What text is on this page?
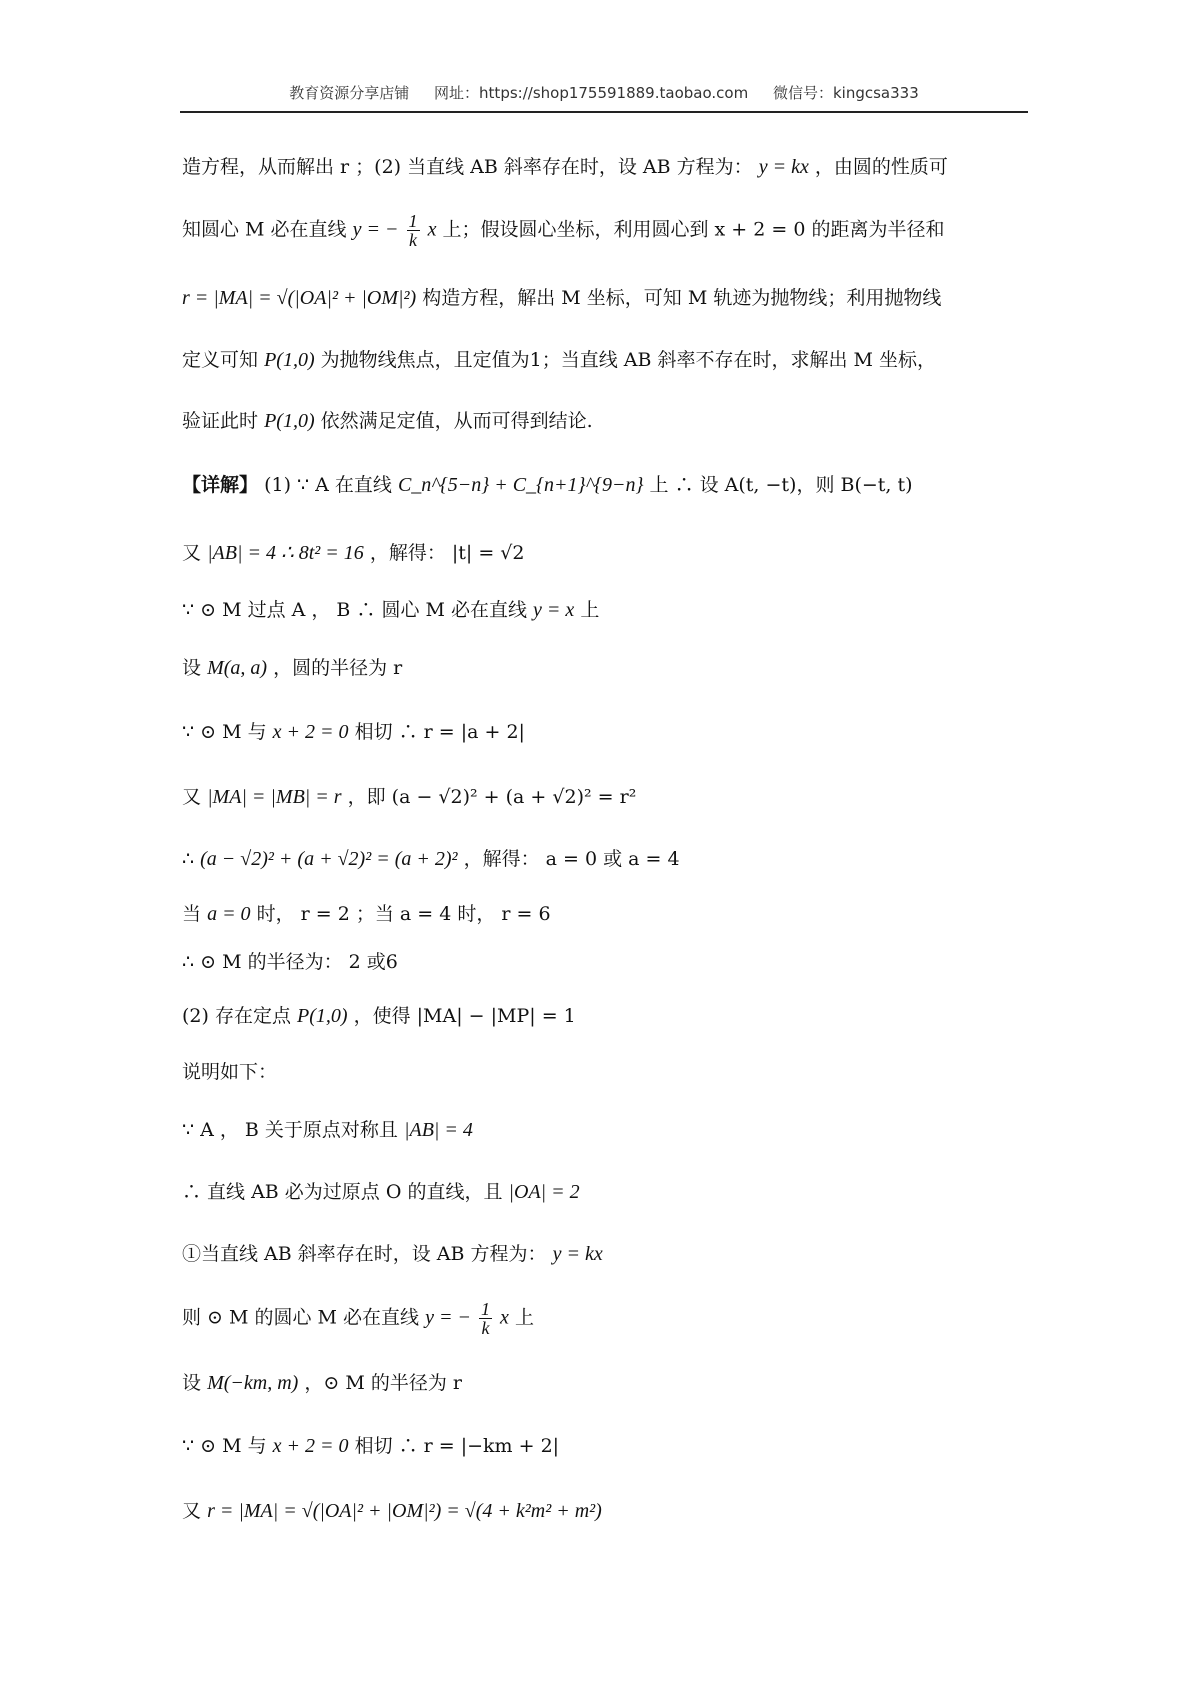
教育资源分享店铺 网址：https://shop175591889.taobao.com 微信号：kingcsa333
造方程，从而解出 r ；(2) 当直线 AB 斜率存在时，设 AB 方程为： y = kx ，由圆的性质可
知圆心 M 必在直线 y = − $\frac{1}{k}$ x 上；假设圆心坐标，利用圆心到 x + 2 = 0 的距离为半径和
r = |MA| = √(|OA|² + |OM|²) 构造方程，解出 M 坐标，可知 M 轨迹为抛物线；利用抛物线
定义可知 P(1,0) 为抛物线焦点，且定值为1；当直线 AB 斜率不存在时，求解出 M 坐标，
验证此时 P(1,0) 依然满足定值，从而可得到结论.
【详解】 (1) ∵ A 在直线 C_n^{5−n} + C_{n+1}^{9−n} 上 ∴ 设 A(t, −t)，则 B(−t, t)
又 |AB| = 4 ∴ 8t² = 16 ，解得： |t| = √2
∵ ⊙ M 过点 A ， B ∴ 圆心 M 必在直线 y = x 上
设 M(a, a) ，圆的半径为 r
∵ ⊙ M 与 x + 2 = 0 相切 ∴ r = |a + 2|
又 |MA| = |MB| = r ，即 (a − √2)² + (a + √2)² = r²
∴ (a − √2)² + (a + √2)² = (a + 2)² ，解得： a = 0 或 a = 4
当 a = 0 时， r = 2 ；当 a = 4 时， r = 6
∴ ⊙ M 的半径为： 2 或6
(2) 存在定点 P(1,0) ，使得 |MA| − |MP| = 1
说明如下：
∵ A ， B 关于原点对称且 |AB| = 4
∴ 直线 AB 必为过原点 O 的直线，且 |OA| = 2
①当直线 AB 斜率存在时，设 AB 方程为： y = kx
则 ⊙ M 的圆心 M 必在直线 y = − $\frac{1}{k}$ x 上
设 M(−km, m) ，⊙ M 的半径为 r
∵ ⊙ M 与 x + 2 = 0 相切 ∴ r = |−km + 2|
又 r = |MA| = √(|OA|² + |OM|²) = √(4 + k²m² + m²)
